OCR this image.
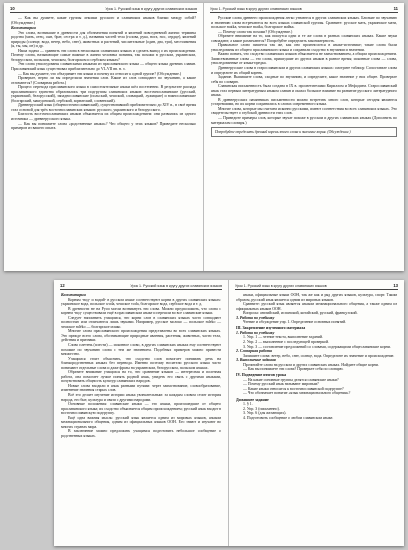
10	Урок 1. Русский язык в кругу других славянских языков

— Как вы думаете, какие группы лексики русского и славянских языков близки между собой? (Обсуждение.)

Комментарии

Это слова, возникшие в древности для обозначения понятий и явлений повседневной жизни: термины родства (мать, отец, сын, брат, сестра и т. д.), названия частей тела (голова, рука, нога, нос, сердце), явлений природы (солнце, вода, ветер, небо, снег), животных и растений, числительные (один, два, три), местоимения (я, ты, мы, он) и др.

Наша задача — сравнить эти слова в нескольких славянских языках и сделать вывод о их происхождении. Почему слова, называющие самые важные в жизни человека понятия, так похожи в русском, украинском, белорусском, польском, чешском, болгарском и сербском языках?

Эти слова унаследованы славянскими языками из праславянского языка — общего языка древних славян. Праславянский язык существовал приблизительно до VI–VII вв. н. э.

— Как вы думаете, что объединяет эти языки и почему их относят к одной группе? (Обсуждение.)

Проверьте, верно ли вы определили значения слов. Какие из слов совпадают по звучанию, а какие отличаются? (Словарная работа.)

Процесс перехода праславянского языка в самостоятельные языки шёл постепенно. В результате распада праславянского единства образовались три подгруппы славянских языков: восточнославянские (русский, украинский, белорусский), западнославянские (польский, чешский, словацкий, лужицкие) и южнославянские (болгарский, македонский, сербский, хорватский, словенский).

Древнерусский язык (общевосточнославянский), существовавший приблизительно до XIV в., в своё время стал основой для трёх восточнославянских языков: русского, украинского и белорусского.

Близость восточнославянских языков объясняется их общим происхождением: они развились из одного источника — древнерусского языка.

— Как вы понимаете слова «родственные языки»? Что общего у этих языков? Приведите несколько примеров из вашего опыта.

Урок 1. Русский язык в кругу других славянских языков	11

Русские слова древнего происхождения легко узнаются в других славянских языках. Близкие по звучанию и значению слова встречаются во всех языках славянской группы. Сравните: русское мать, украинское мати, польское matka, чешское matka, болгарское майка.

— Почему слова так похожи? (Обсуждение.)

Обратите внимание на то, как пишутся одни и те же слова в разных славянских языках. Какие звуки совпадают, а какие различаются? Попробуйте определить закономерность.

Правильное слово пишется так же, как оно произносится в языке-источнике; такие слова были унаследованы из общего праславянского языка и сохранили сходство в звучании и значении.

Важно понять, что сходство славянских языков объясняется не заимствованием, а общим происхождением. Заимствованные слова — это слова, пришедшие из других языков в разное время; исконные слова — слова, унаследованные от языка-предка.

Древнерусские слова в старославянском и других славянских языках: смотрите таблицу. Сопоставьте слова и определите их общий корень.

Задание. Выпишите слова, сходные по звучанию, и определите, какое значение у них общее. Проверьте себя по словарю.

Славянская письменность была создана в IX в. просветителями Кириллом и Мефодием. Старославянский язык стал первым литературным языком славян и оказал большое влияние на развитие русского литературного языка.

В древнерусских памятниках письменности можно встретить много слов, которые сегодня являются устаревшими, но их корни сохранились в словах современного языка.

Многие слова, которые мы считаем исконно русскими, имеют соответствия во всех славянских языках. Это свидетельствует о глубокой древности этих слов.

— Приведите примеры слов, которые звучат похоже в русском и других славянских языках (Дополнить по материалам словаря.)

Попробуйте определить древний корень этого слова и значение корня. (Обсуждение.)

12	Урок 1. Русский язык в кругу других славянских языков

Комментарии

Корням -вод- и водий- в русском языке соответствуют корни в других славянских языках: украинское вода, польское woda, чешское voda, болгарское вода, сербское вода и т. д.

В древности не на Руси могли возникнуть эти слова. Можно предположить, что слова с корнем -вод- существовали ещё в праславянском языке и перешли во все славянские языки.

Следует напомнить учащимся, что корни слов в славянских языках часто совпадают полностью или отличаются лишь звуками. Например, русское молоко — польское mleko — чешское mléko — болгарское мляко.

Многие слова праславянского происхождения представлены во всех славянских языках. Это прежде всего слова, обозначающие природные явления, растения, животных, части тела, действия и признаки.

Слово плетень (плести) — исконное слово, в других славянских языках ему соответствуют похожие по звучанию слова с тем же значением. Подобных примеров можно привести множество.

Учащимся стоит объяснить, что сходство слов помогает понимать речь на близкородственных языках без перевода. Именно поэтому носители русского языка часто понимают отдельные слова и даже фразы на украинском, белорусском, польском языках.

Обратите внимание учащихся на то, что сравнение языков — интересная и полезная работа, она помогает лучше понять родной язык, увидеть его связь с другими языками, почувствовать общность культур славянских народов.

Новые слова входили в язык разными путями: через заимствование, словообразование, изменение значения старых слов.

Всё это делает изучение истории языка увлекательным: за каждым словом стоит история народа, его быт, культура и связи с другими народами.

Основные положения: славянские языки — это языки, произошедшие от общего праславянского языка; их сходство объясняется общим происхождением; русский язык входит в восточнославянскую подгруппу.

Ещё одна важная мысль: русский язык является одним из мировых языков, языком межнационального общения, одним из официальных языков ООН. Его знают и изучают во многих странах мира.

В заключение можно предложить учащимся подготовить небольшое сообщение о родственных языках.

Урок 1. Русский язык в кругу других славянских языков	13

языки, официальные языки ООН, так же как и ряд других языков, культура, спорт. Таким образом, русский язык является одним из мировых языков.

Сравните: русский язык является языком межнационального общения, а также одним из официальных языков ООН.

Вопросы: английский, испанский, китайский, русский, французский.

3. Работа по учебнику

Чтение и обсуждение упр. 1. Определение основных понятий.

III. Закрепление изученного материала

1. Работа по учебнику

1. Упр. 1 — чтение текста, выполнение заданий.

2. Упр. 2 — выполнение с последующей проверкой.

3. Упр. 3 — составление предложений со словами, содержащими общеславянские корни.

2. Словарная работа

Запишите слова: ветер, небо, снег, солнце, вода. Определите их значение и происхождение.

3. Выполнение задания

Прочитайте слова на русском и других славянских языках. Найдите общие корни.

— Как вы понимаете эти слова? Проверьте себя по словарю.

IV. Подведение итогов урока

— На какие основные группы делятся славянские языки?

— Почему русский язык называют мировым?

— Какие языки относятся к восточнославянской подгруппе?

— Что обозначает понятие «язык межнационального общения»?

Домашнее задание

1. § 1.

2. Упр. 3 (письменно).

3. Упр. 6 (для желающих).

4. Подготовить сообщение о любом славянском языке.
